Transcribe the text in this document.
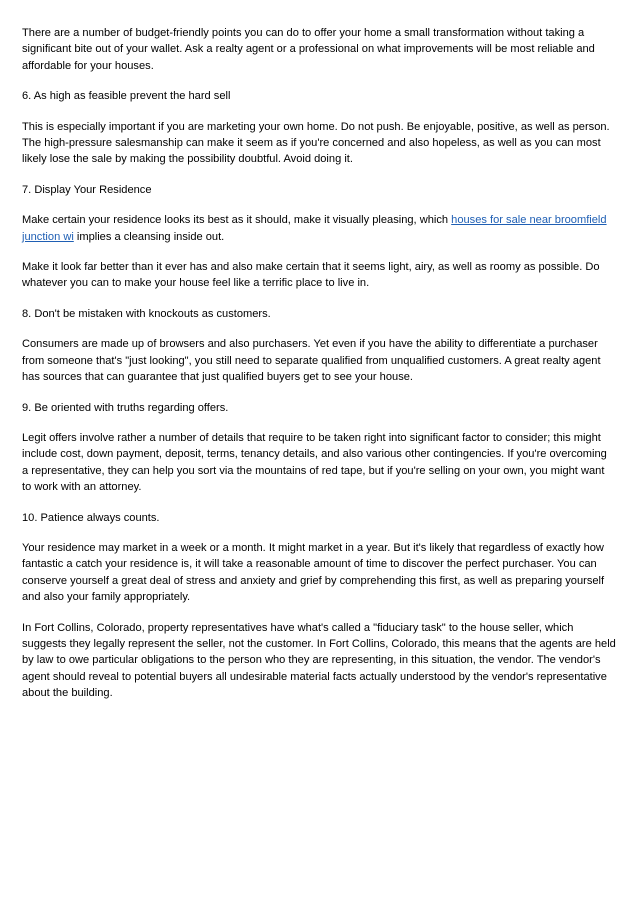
There are a number of budget-friendly points you can do to offer your home a small transformation without taking a significant bite out of your wallet. Ask a realty agent or a professional on what improvements will be most reliable and affordable for your houses.

6. As high as feasible prevent the hard sell

This is especially important if you are marketing your own home. Do not push. Be enjoyable, positive, as well as person. The high-pressure salesmanship can make it seem as if you're concerned and also hopeless, as well as you can most likely lose the sale by making the possibility doubtful. Avoid doing it.

7. Display Your Residence

Make certain your residence looks its best as it should, make it visually pleasing, which houses for sale near broomfield junction wi implies a cleansing inside out.

Make it look far better than it ever has and also make certain that it seems light, airy, as well as roomy as possible. Do whatever you can to make your house feel like a terrific place to live in.

8. Don't be mistaken with knockouts as customers.

Consumers are made up of browsers and also purchasers. Yet even if you have the ability to differentiate a purchaser from someone that's "just looking", you still need to separate qualified from unqualified customers. A great realty agent has sources that can guarantee that just qualified buyers get to see your house.

9. Be oriented with truths regarding offers.

Legit offers involve rather a number of details that require to be taken right into significant factor to consider; this might include cost, down payment, deposit, terms, tenancy details, and also various other contingencies. If you're overcoming a representative, they can help you sort via the mountains of red tape, but if you're selling on your own, you might want to work with an attorney.

10. Patience always counts.

Your residence may market in a week or a month. It might market in a year. But it's likely that regardless of exactly how fantastic a catch your residence is, it will take a reasonable amount of time to discover the perfect purchaser. You can conserve yourself a great deal of stress and anxiety and grief by comprehending this first, as well as preparing yourself and also your family appropriately.

In Fort Collins, Colorado, property representatives have what's called a "fiduciary task" to the house seller, which suggests they legally represent the seller, not the customer. In Fort Collins, Colorado, this means that the agents are held by law to owe particular obligations to the person who they are representing, in this situation, the vendor. The vendor's agent should reveal to potential buyers all undesirable material facts actually understood by the vendor's representative about the building.
